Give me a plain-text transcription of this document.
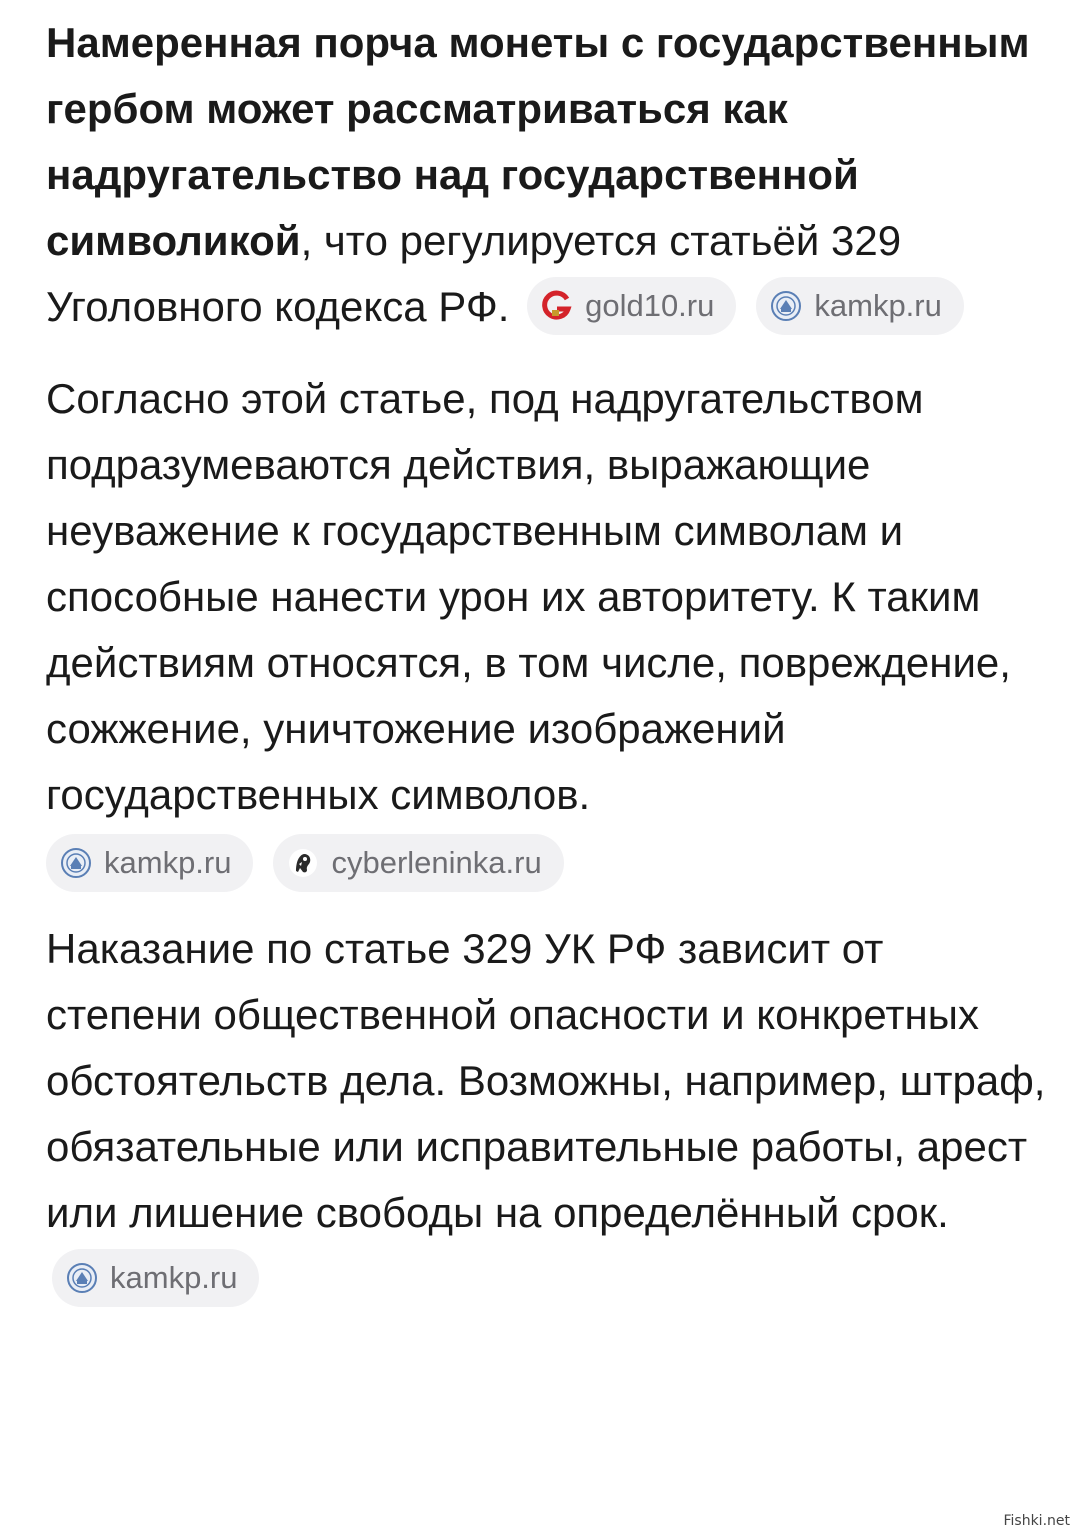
Намеренная порча монеты с государственным гербом может рассматриваться как надругательство над государственной символикой, что регулируется статьёй 329 Уголовного кодекса РФ. gold10.ru	kamkp.ru

Согласно этой статье, под надругательством подразумеваются действия, выражающие неуважение к государственным символам и способные нанести урон их авторитету. К таким действиям относятся, в том числе, повреждение, сожжение, уничтожение изображений государственных символов.

kamkp.ru	cyberleninka.ru

Наказание по статье 329 УК РФ зависит от степени общественной опасности и конкретных обстоятельств дела. Возможны, например, штраф, обязательные или исправительные работы, арест или лишение свободы на определённый срок.
kamkp.ru

Fishki.net
